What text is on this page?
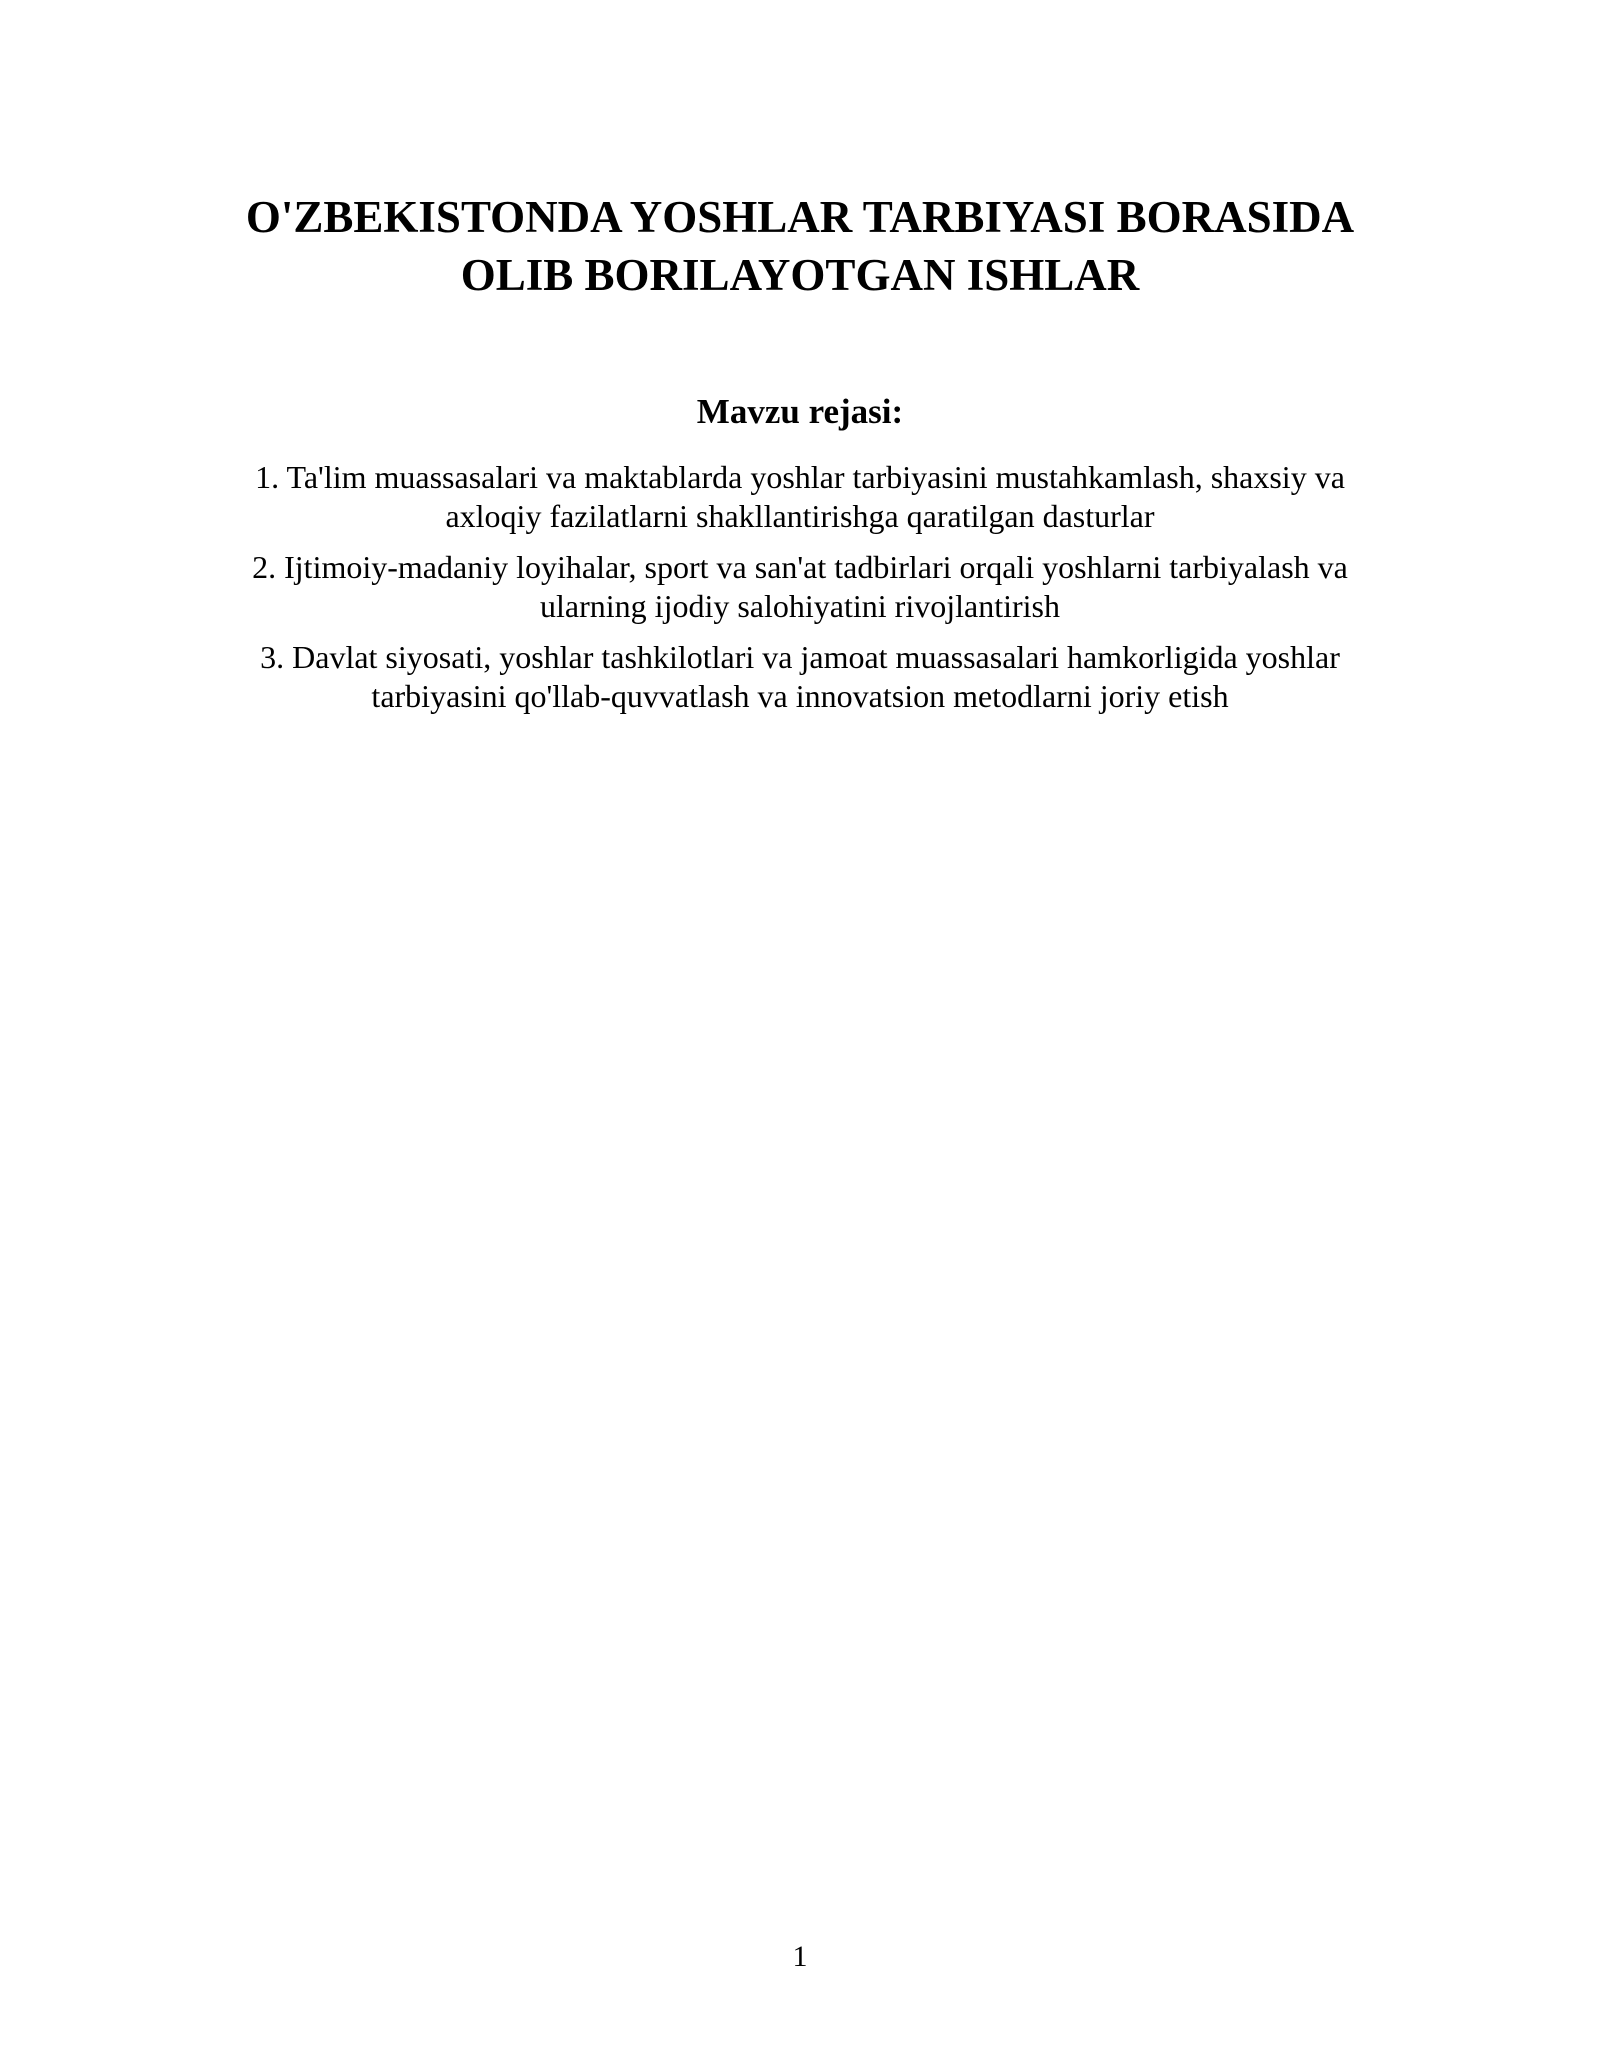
O'ZBEKISTONDA YOSHLAR TARBIYASI BORASIDA
OLIB BORILAYOTGAN ISHLAR
Mavzu rejasi:
1. Ta'lim muassasalari va maktablarda yoshlar tarbiyasini mustahkamlash, shaxsiy va
axloqiy fazilatlarni shakllantirishga qaratilgan dasturlar
2. Ijtimoiy-madaniy loyihalar, sport va san'at tadbirlari orqali yoshlarni tarbiyalash va
ularning ijodiy salohiyatini rivojlantirish
3. Davlat siyosati, yoshlar tashkilotlari va jamoat muassasalari hamkorligida yoshlar
tarbiyasini qo'llab-quvvatlash va innovatsion metodlarni joriy etish
1
